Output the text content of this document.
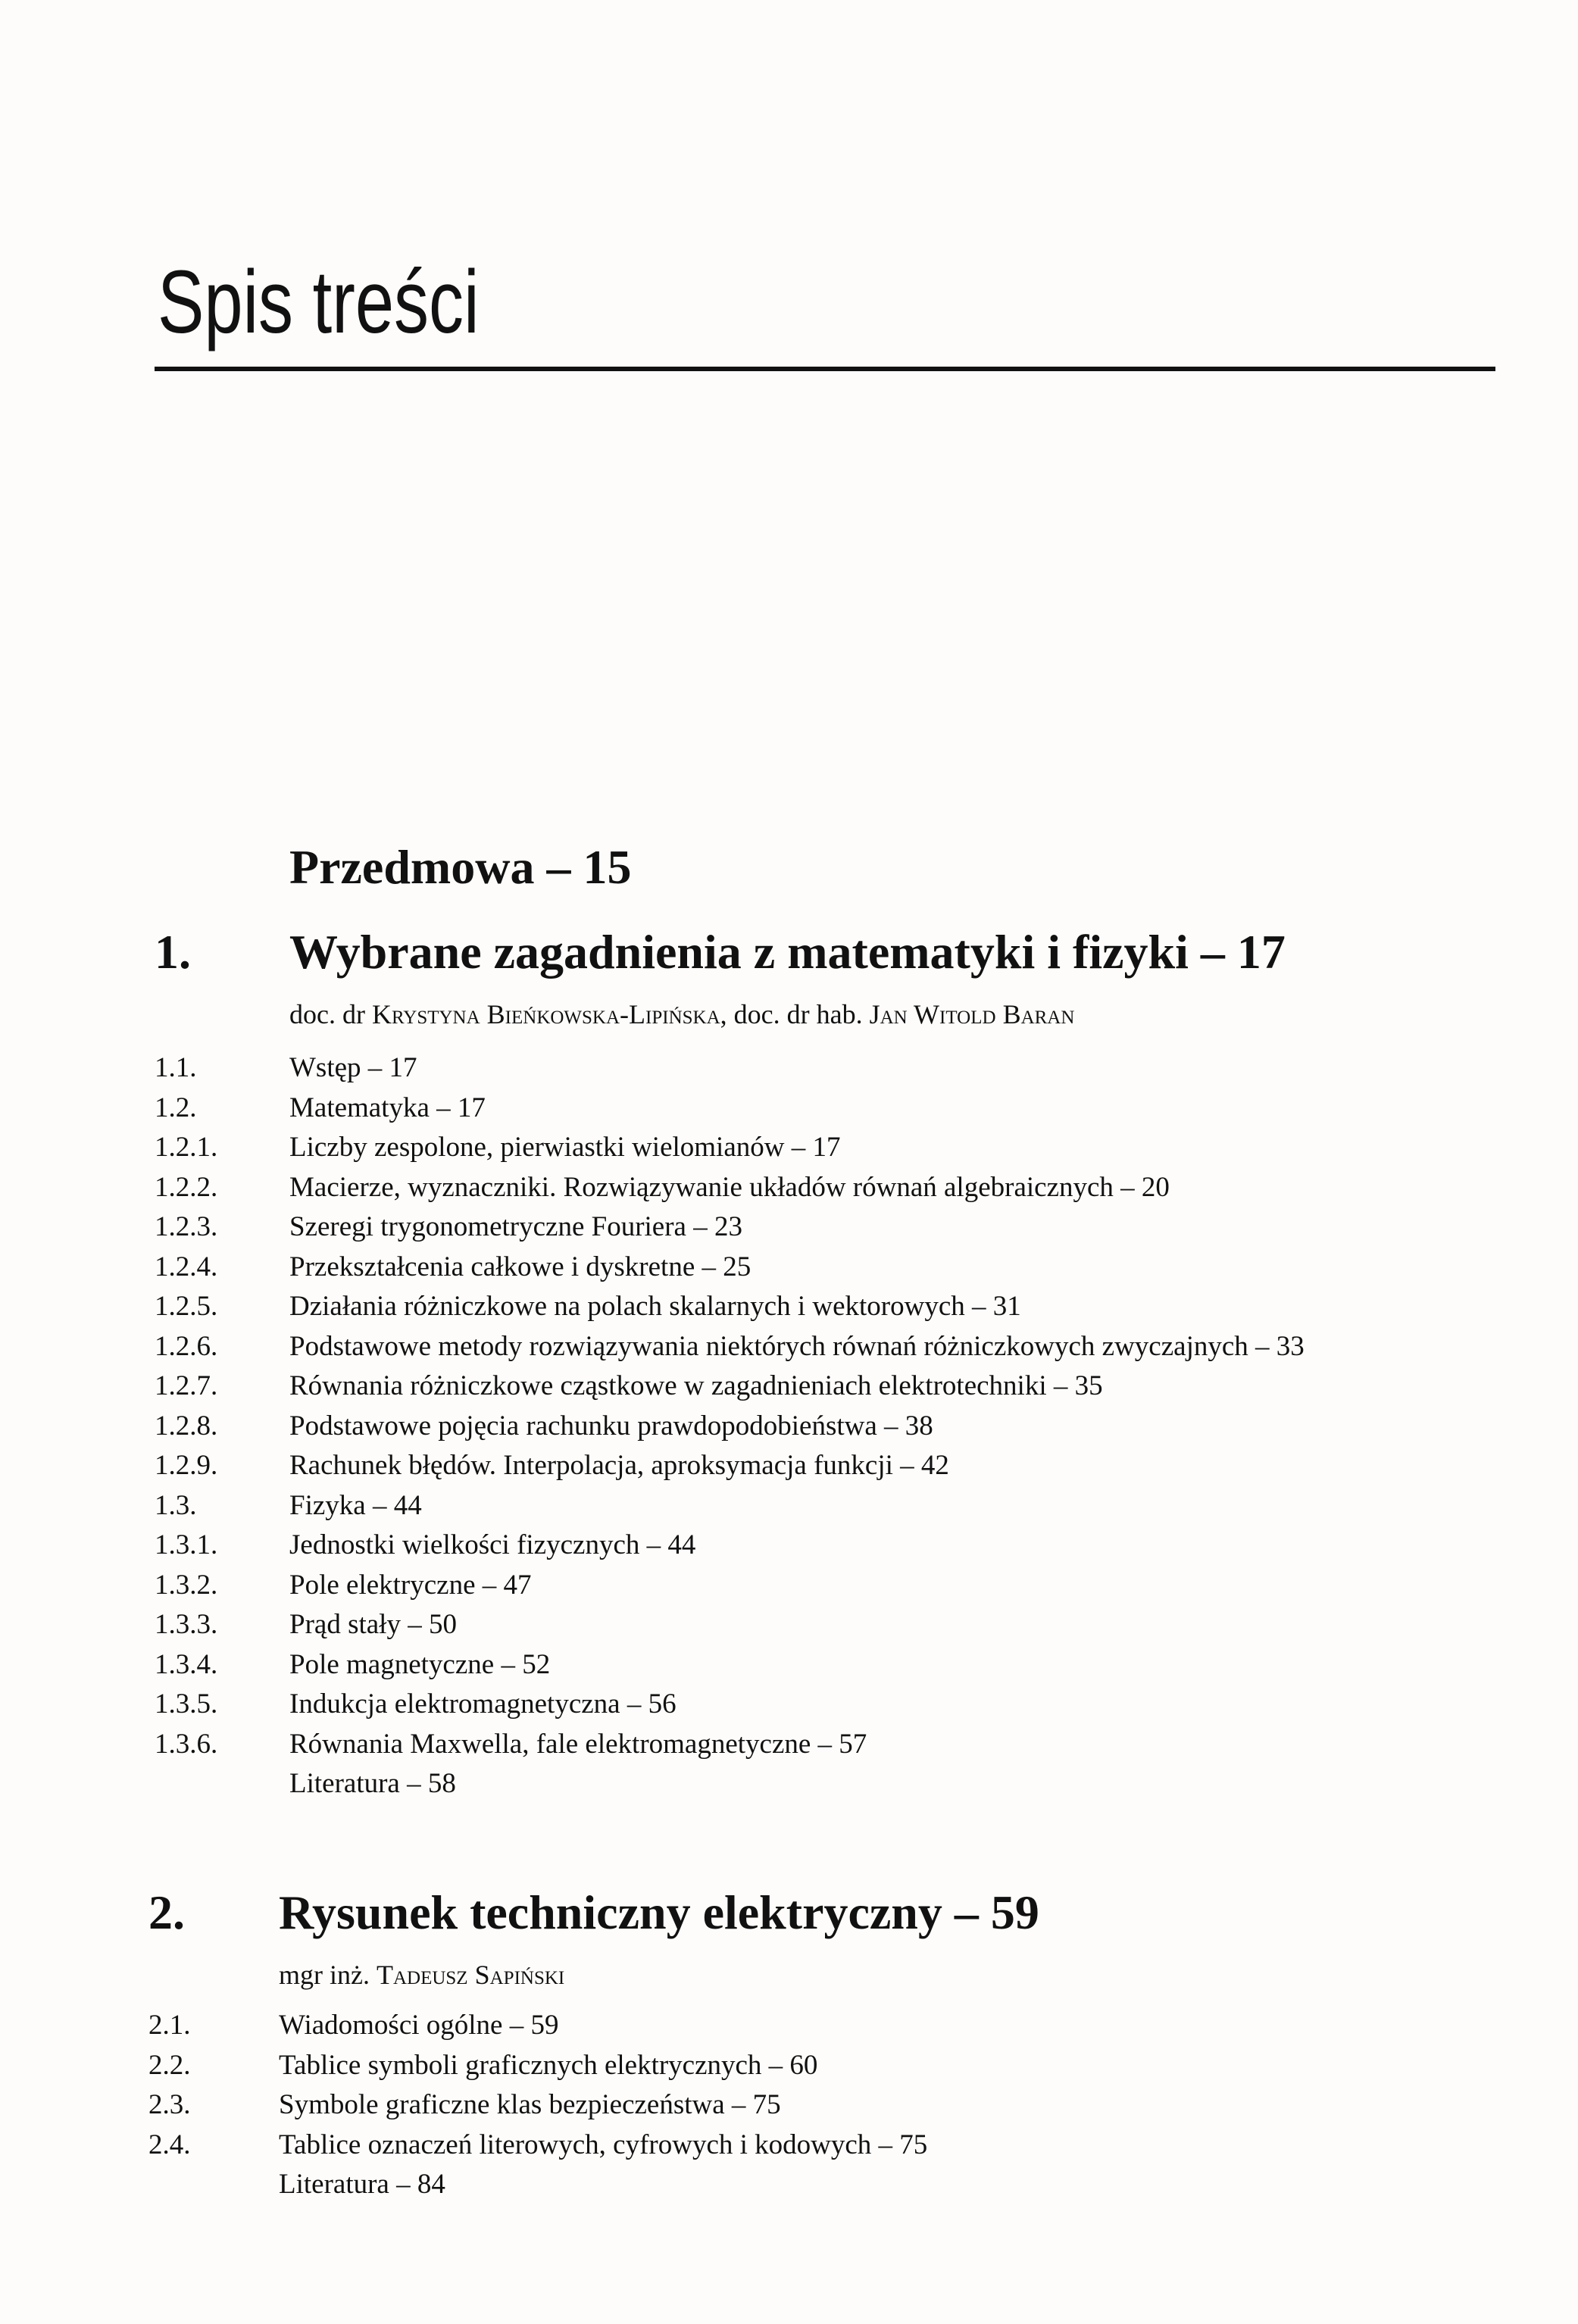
Spis treści
Przedmowa – 15
1. Wybrane zagadnienia z matematyki i fizyki – 17
doc. dr Krystyna Bieńkowska-Lipińska, doc. dr hab. Jan Witold Baran
1.1.	Wstęp – 17
1.2.	Matematyka – 17
1.2.1.	Liczby zespolone, pierwiastki wielomianów – 17
1.2.2.	Macierze, wyznaczniki. Rozwiązywanie układów równań algebraicznych – 20
1.2.3.	Szeregi trygonometryczne Fouriera – 23
1.2.4.	Przekształcenia całkowe i dyskretne – 25
1.2.5.	Działania różniczkowe na polach skalarnych i wektorowych – 31
1.2.6.	Podstawowe metody rozwiązywania niektórych równań różniczkowych zwyczajnych – 33
1.2.7.	Równania różniczkowe cząstkowe w zagadnieniach elektrotechniki – 35
1.2.8.	Podstawowe pojęcia rachunku prawdopodobieństwa – 38
1.2.9.	Rachunek błędów. Interpolacja, aproksymacja funkcji – 42
1.3.	Fizyka – 44
1.3.1.	Jednostki wielkości fizycznych – 44
1.3.2.	Pole elektryczne – 47
1.3.3.	Prąd stały – 50
1.3.4.	Pole magnetyczne – 52
1.3.5.	Indukcja elektromagnetyczna – 56
1.3.6.	Równania Maxwella, fale elektromagnetyczne – 57
Literatura – 58
2. Rysunek techniczny elektryczny – 59
mgr inż. Tadeusz Sapiński
2.1.	Wiadomości ogólne – 59
2.2.	Tablice symboli graficznych elektrycznych – 60
2.3.	Symbole graficzne klas bezpieczeństwa – 75
2.4.	Tablice oznaczeń literowych, cyfrowych i kodowych – 75
Literatura – 84
